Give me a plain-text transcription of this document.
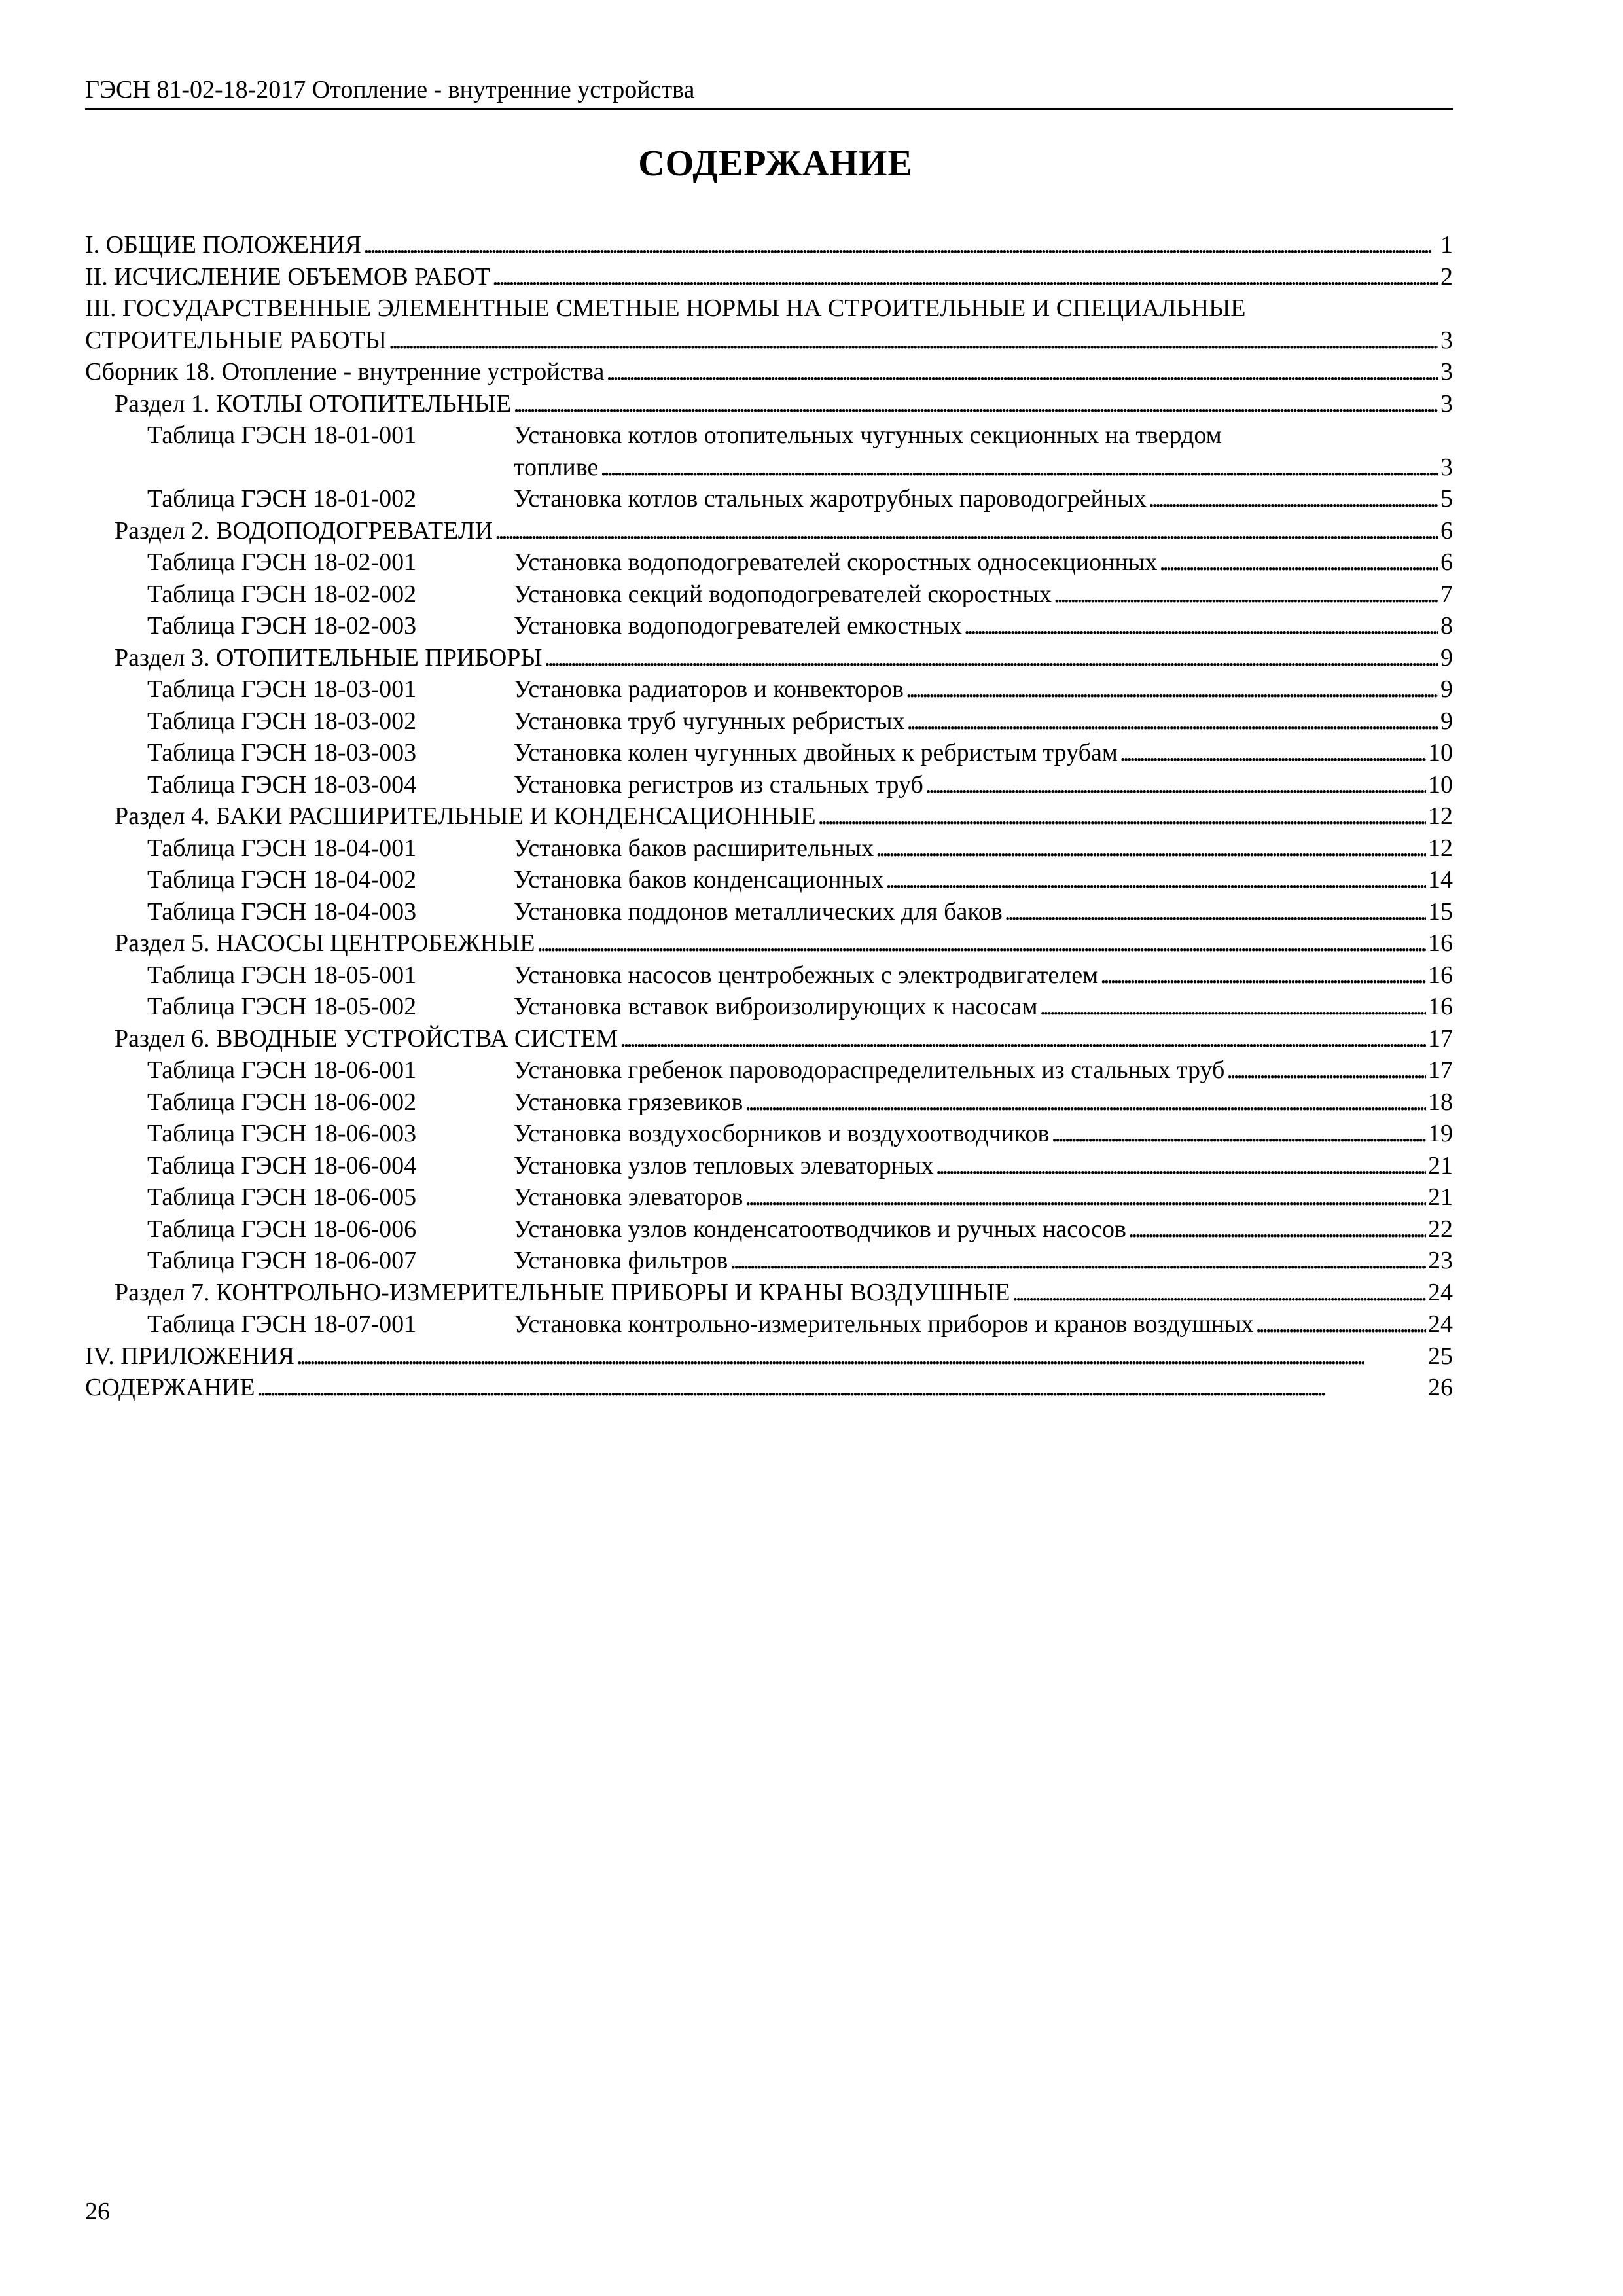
ГЭСН 81-02-18-2017 Отопление - внутренние устройства
СОДЕРЖАНИЕ
I. ОБЩИЕ ПОЛОЖЕНИЯ . . .	1
II. ИСЧИСЛЕНИЕ ОБЪЕМОВ РАБОТ . . .	2
III. ГОСУДАРСТВЕННЫЕ ЭЛЕМЕНТНЫЕ СМЕТНЫЕ НОРМЫ НА СТРОИТЕЛЬНЫЕ И СПЕЦИАЛЬНЫЕ
СТРОИТЕЛЬНЫЕ РАБОТЫ . . .	3
Сборник 18. Отопление - внутренние устройства . . .	3
Раздел 1. КОТЛЫ ОТОПИТЕЛЬНЫЕ . . .	3
Таблица ГЭСН 18-01-001	Установка котлов отопительных чугунных секционных на твердом
топливе . . .	3
Таблица ГЭСН 18-01-002	Установка котлов стальных жаротрубных пароводогрейных . . .	5
Раздел 2. ВОДОПОДОГРЕВАТЕЛИ . . .	6
Таблица ГЭСН 18-02-001	Установка водоподогревателей скоростных односекционных . . .	6
Таблица ГЭСН 18-02-002	Установка секций водоподогревателей скоростных . . .	7
Таблица ГЭСН 18-02-003	Установка водоподогревателей емкостных . . .	8
Раздел 3. ОТОПИТЕЛЬНЫЕ ПРИБОРЫ . . .	9
Таблица ГЭСН 18-03-001	Установка радиаторов и конвекторов . . .	9
Таблица ГЭСН 18-03-002	Установка труб чугунных ребристых . . .	9
Таблица ГЭСН 18-03-003	Установка колен чугунных двойных к ребристым трубам . . .	10
Таблица ГЭСН 18-03-004	Установка регистров из стальных труб . . .	10
Раздел 4. БАКИ РАСШИРИТЕЛЬНЫЕ И КОНДЕНСАЦИОННЫЕ . . .	12
Таблица ГЭСН 18-04-001	Установка баков расширительных . . .	12
Таблица ГЭСН 18-04-002	Установка баков конденсационных . . .	14
Таблица ГЭСН 18-04-003	Установка поддонов металлических для баков . . .	15
Раздел 5. НАСОСЫ ЦЕНТРОБЕЖНЫЕ . . .	16
Таблица ГЭСН 18-05-001	Установка насосов центробежных с электродвигателем . . .	16
Таблица ГЭСН 18-05-002	Установка вставок виброизолирующих к насосам . . .	16
Раздел 6. ВВОДНЫЕ УСТРОЙСТВА СИСТЕМ . . .	17
Таблица ГЭСН 18-06-001	Установка гребенок пароводораспределительных из стальных труб . . .	17
Таблица ГЭСН 18-06-002	Установка грязевиков . . .	18
Таблица ГЭСН 18-06-003	Установка воздухосборников и воздухоотводчиков . . .	19
Таблица ГЭСН 18-06-004	Установка узлов тепловых элеваторных . . .	21
Таблица ГЭСН 18-06-005	Установка элеваторов . . .	21
Таблица ГЭСН 18-06-006	Установка узлов конденсатоотводчиков и ручных насосов . . .	22
Таблица ГЭСН 18-06-007	Установка фильтров . . .	23
Раздел 7. КОНТРОЛЬНО-ИЗМЕРИТЕЛЬНЫЕ ПРИБОРЫ И КРАНЫ ВОЗДУШНЫЕ . . .	24
Таблица ГЭСН 18-07-001	Установка контрольно-измерительных приборов и кранов воздушных . . .	24
IV. ПРИЛОЖЕНИЯ . . .	25
СОДЕРЖАНИЕ . . .	26
26
